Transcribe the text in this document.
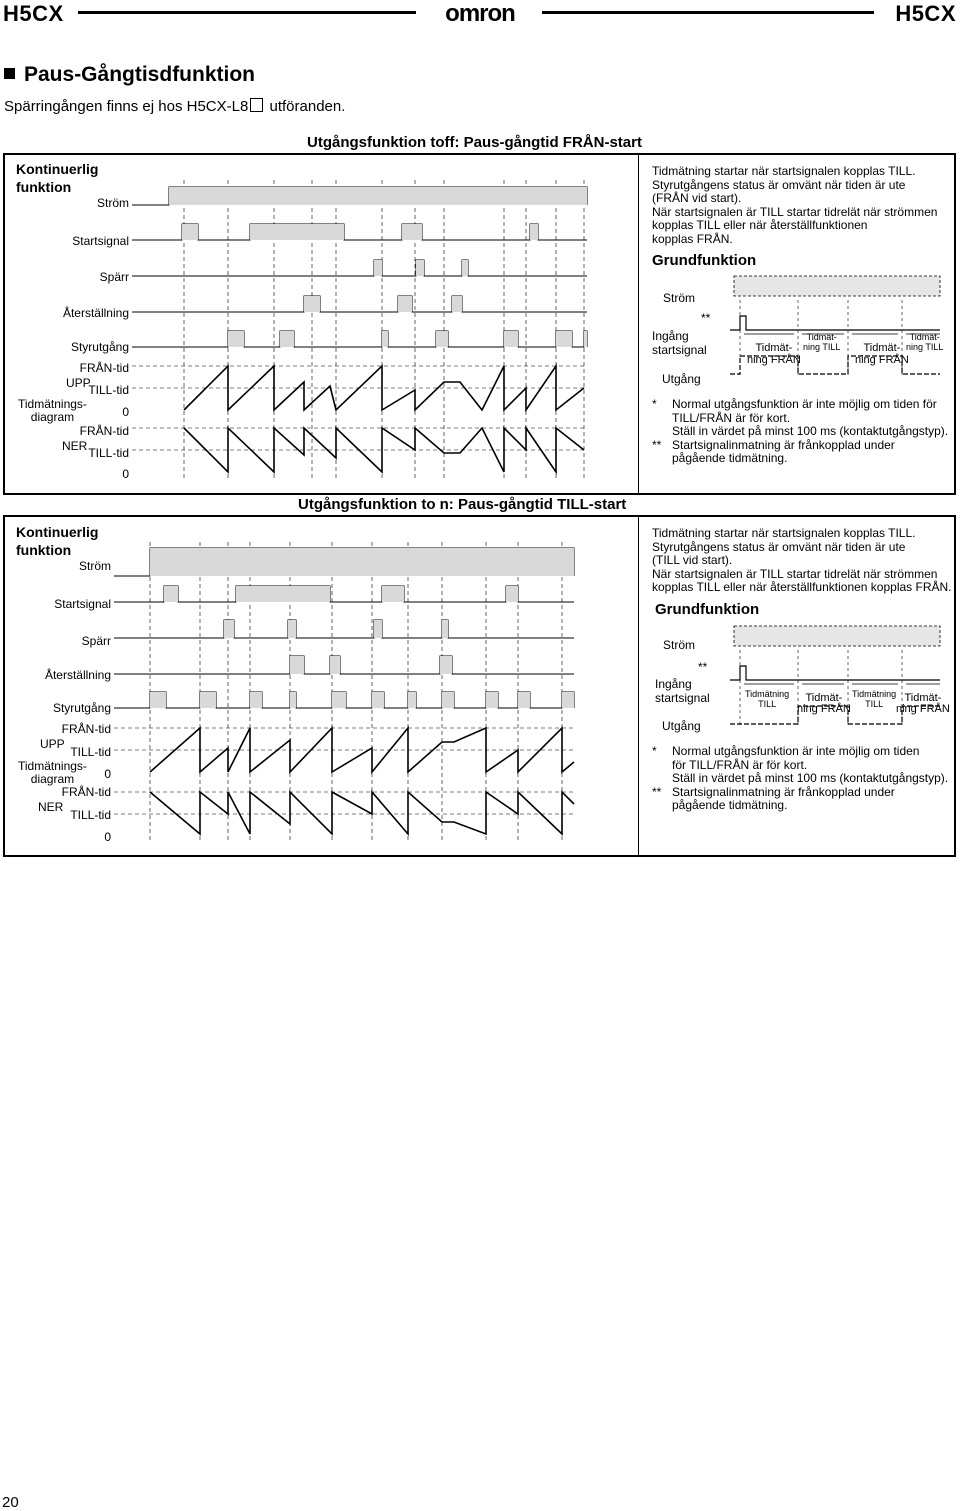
H5CX	omron	H5CX
Paus-Gångtisdfunktion
Spärringången finns ej hos H5CX-L8 utföranden.
Utgångsfunktion toff: Paus-gångtid FRÅN-start
Kontinuerlig
funktion
Ström
Startsignal
Spärr
Återställning
Styrutgång
FRÅN-tid
UPP
TILL-tid
Tidmätnings-
diagram	0
FRÅN-tid
NER TILL-tid
0

Tidmätning startar när startsignalen kopplas TILL.

Styrutgångens status är omvänt när tiden är ute

(FRÅN vid start).

När startsignalen är TILL startar tidrelät när strömmen

kopplas TILL eller när återställfunktionen

kopplas FRÅN.

Grundfunktion
Ström
**
Ingång
startsignal
Utgång
Tidmät-
ning FRÅN
Tidmät-
ning TILL	Tidmät-
ning FRÅN
Tidmät-
ning TILL
*	Normal utgångsfunktion är inte möjlig om tiden för
TILL/FRÅN är för kort.
Ställ in värdet på minst 100 ms (kontaktutgångstyp).
** Startsignalinmatning är frånkopplad under
pågående tidmätning.
Utgångsfunktion to n: Paus-gångtid TILL-start
Kontinuerlig
funktion
Ström
Startsignal
Spärr
Återställning
Styrutgång
FRÅN-tid
UPP
TILL-tid
Tidmätnings-
diagram	0
FRÅN-tid
NER
TILL-tid
0

Tidmätning startar när startsignalen kopplas TILL.

Styrutgångens status är omvänt när tiden är ute

(TILL vid start).

När startsignalen är TILL startar tidrelät när strömmen

kopplas TILL eller när återställfunktionen kopplas FRÅN.

Grundfunktion
Ström
**
Ingång
startsignal
Utgång
Tidmätning
TILL	Tidmät-
ning FRÅN
Tidmätning
TILL	Tidmät-
ning FRÅN
*	Normal utgångsfunktion är inte möjlig om tiden
för TILL/FRÅN är för kort.
Ställ in värdet på minst 100 ms (kontaktutgångstyp).
** Startsignalinmatning är frånkopplad under
pågående tidmätning.
20
